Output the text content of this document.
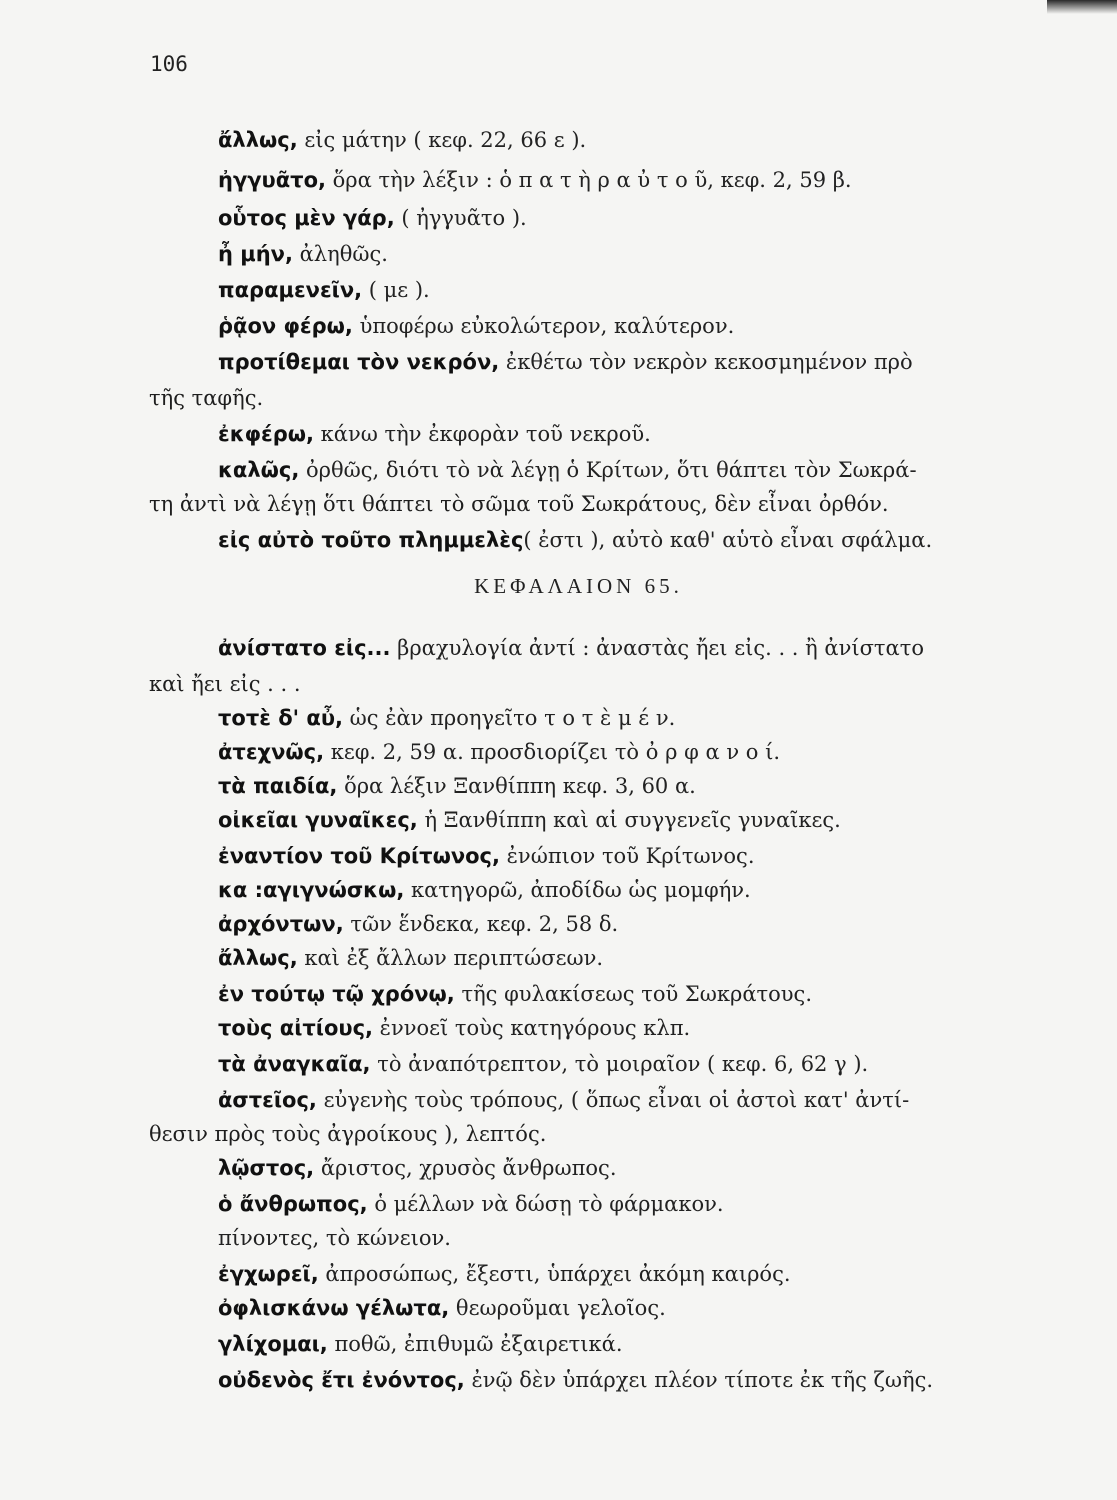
106
ἄλλως, εἰς μάτην ( κεφ. 22, 66 ε ).
ἠγγυᾶτο, ὅρα τὴν λέξιν : ὁ π α τ ὴ ρ α ὐ τ ο ῦ, κεφ. 2, 59 β.
οὗτος μὲν γάρ, ( ἠγγυᾶτο ).
ἦ μήν, ἀληθῶς.
παραμενεῖν, ( με ).
ῥᾷον φέρω, ὑποφέρω εὐκολώτερον, καλύτερον.
προτίθεμαι τὸν νεκρόν, ἐκθέτω τὸν νεκρὸν κεκοσμημένον πρὸ
τῆς ταφῆς.
ἐκφέρω, κάνω τὴν ἐκφορὰν τοῦ νεκροῦ.
καλῶς, ὀρθῶς, διότι τὸ νὰ λέγῃ ὁ Κρίτων, ὅτι θάπτει τὸν Σωκρά-
τη ἀντὶ νὰ λέγῃ ὅτι θάπτει τὸ σῶμα τοῦ Σωκράτους, δὲν εἶναι ὀρθόν.
εἰς αὐτὸ τοῦτο πλημμελὲς( ἐστι ), αὐτὸ καθ' αὑτὸ εἶναι σφάλμα.
ΚΕΦΑΛΑΙΟΝ 65.
ἀνίστατο εἰς... βραχυλογία ἀντί : ἀναστὰς ἤει εἰς. . . ἢ ἀνίστατο
καὶ ἤει εἰς . . .
τοτὲ δ' αὖ, ὡς ἐὰν προηγεῖτο τ ο τ ὲ μ έ ν.
ἀτεχνῶς, κεφ. 2, 59 α. προσδιορίζει τὸ ὀ ρ φ α ν ο ί.
τὰ παιδία, ὅρα λέξιν Ξανθίππη κεφ. 3, 60 α.
οἰκεῖαι γυναῖκες, ἡ Ξανθίππη καὶ αἱ συγγενεῖς γυναῖκες.
ἐναντίον τοῦ Κρίτωνος, ἐνώπιον τοῦ Κρίτωνος.
κα :αγιγνώσκω, κατηγορῶ, ἀποδίδω ὡς μομφήν.
ἀρχόντων, τῶν ἕνδεκα, κεφ. 2, 58 δ.
ἄλλως, καὶ ἐξ ἄλλων περιπτώσεων.
ἐν τούτῳ τῷ χρόνῳ, τῆς φυλακίσεως τοῦ Σωκράτους.
τοὺς αἰτίους, ἐννοεῖ τοὺς κατηγόρους κλπ.
τὰ ἀναγκαῖα, τὸ ἀναπότρεπτον, τὸ μοιραῖον ( κεφ. 6, 62 γ ).
ἀστεῖος, εὐγενὴς τοὺς τρόπους, ( ὅπως εἶναι οἱ ἀστοὶ κατ' ἀντί-
θεσιν πρὸς τοὺς ἀγροίκους ), λεπτός.
λῷστος, ἄριστος, χρυσὸς ἄνθρωπος.
ὁ ἄνθρωπος, ὁ μέλλων νὰ δώσῃ τὸ φάρμακον.
πίνοντες, τὸ κώνειον.
ἐγχωρεῖ, ἀπροσώπως, ἔξεστι, ὑπάρχει ἀκόμη καιρός.
ὀφλισκάνω γέλωτα, θεωροῦμαι γελοῖος.
γλίχομαι, ποθῶ, ἐπιθυμῶ ἐξαιρετικά.
οὐδενὸς ἔτι ἐνόντος, ἐνῷ δὲν ὑπάρχει πλέον τίποτε ἐκ τῆς ζωῆς.
